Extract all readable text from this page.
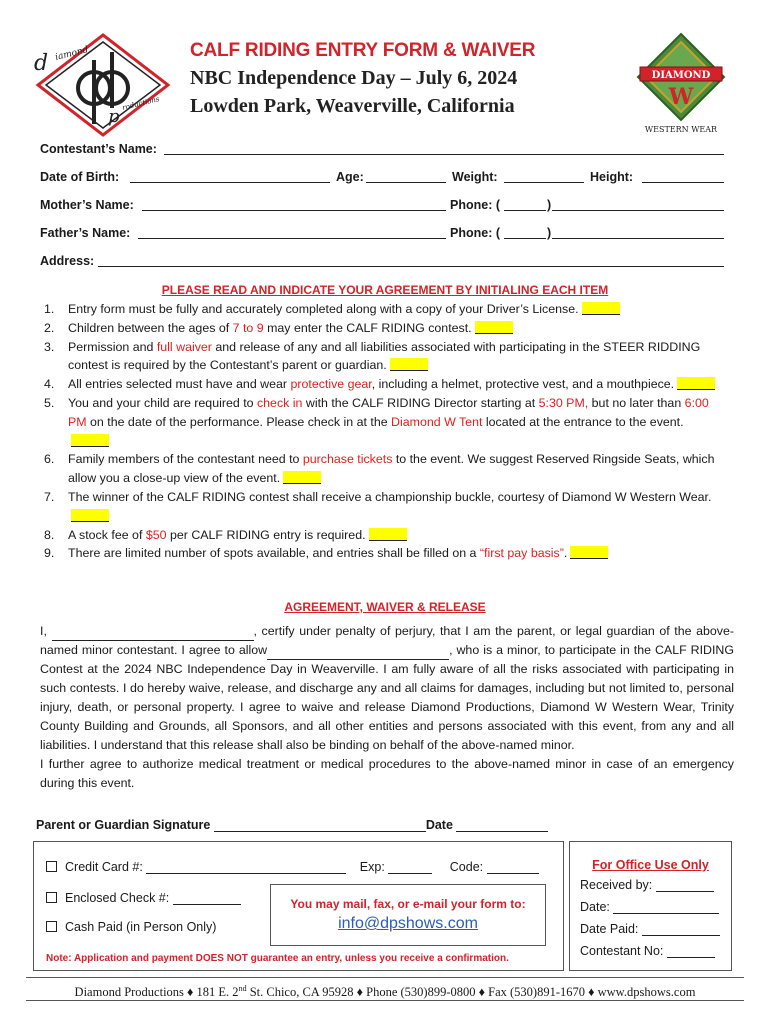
d iamond
p
roductions
CALF RIDING ENTRY FORM & WAIVER
NBC Independence Day – July 6, 2024
Lowden Park, Weaverville, California
DIAMOND
W
WESTERN WEAR
Contestant’s Name:
Date of Birth:	Age:	Weight:	Height:
Mother’s Name:	Phone: (	)
Father’s Name:	Phone: (	)
Address:
PLEASE READ AND INDICATE YOUR AGREEMENT BY INITIALING EACH ITEM
1. Entry form must be fully and accurately completed along with a copy of your Driver’s License.
2. Children between the ages of 7 to 9 may enter the CALF RIDING contest.
3. Permission and full waiver and release of any and all liabilities associated with participating in the STEER RIDDING contest is required by the Contestant’s parent or guardian.
4. All entries selected must have and wear protective gear, including a helmet, protective vest, and a mouthpiece.
5. You and your child are required to check in with the CALF RIDING Director starting at 5:30 PM, but no later than 6:00 PM on the date of the performance. Please check in at the Diamond W Tent located at the entrance to the event.
6. Family members of the contestant need to purchase tickets to the event. We suggest Reserved Ringside Seats, which allow you a close-up view of the event.
7. The winner of the CALF RIDING contest shall receive a championship buckle, courtesy of Diamond W Western Wear.
8. A stock fee of $50 per CALF RIDING entry is required.
9. There are limited number of spots available, and entries shall be filled on a “first pay basis”.
AGREEMENT, WAIVER & RELEASE

I,	, certify under penalty of perjury, that I am the parent, or legal guardian of the above-named minor contestant. I agree to allow	, who is a minor, to participate in the CALF RIDING Contest at the 2024 NBC Independence Day in Weaverville. I am fully aware of all the risks associated with participating in such contests. I do hereby waive, release, and discharge any and all claims for damages, including but not limited to, personal injury, death, or personal property. I agree to waive and release Diamond Productions, Diamond W Western Wear, Trinity County Building and Grounds, all Sponsors, and all other entities and persons associated with this event, from any and all liabilities. I understand that this release shall also be binding on behalf of the above-named minor.

I further agree to authorize medical treatment or medical procedures to the above-named minor in case of an emergency during this event.

Parent or Guardian Signature	Date
Credit Card #:	Exp:	Code:
Enclosed Check #:
Cash Paid (in Person Only)
You may mail, fax, or e-mail your form to:
info@dpshows.com
Note: Application and payment DOES NOT guarantee an entry, unless you receive a confirmation.
For Office Use Only
Received by:
Date:
Date Paid:
Contestant No:
Diamond Productions ♦ 181 E. 2nd St. Chico, CA 95928 ♦ Phone (530)899-0800 ♦ Fax (530)891-1670 ♦ www.dpshows.com
